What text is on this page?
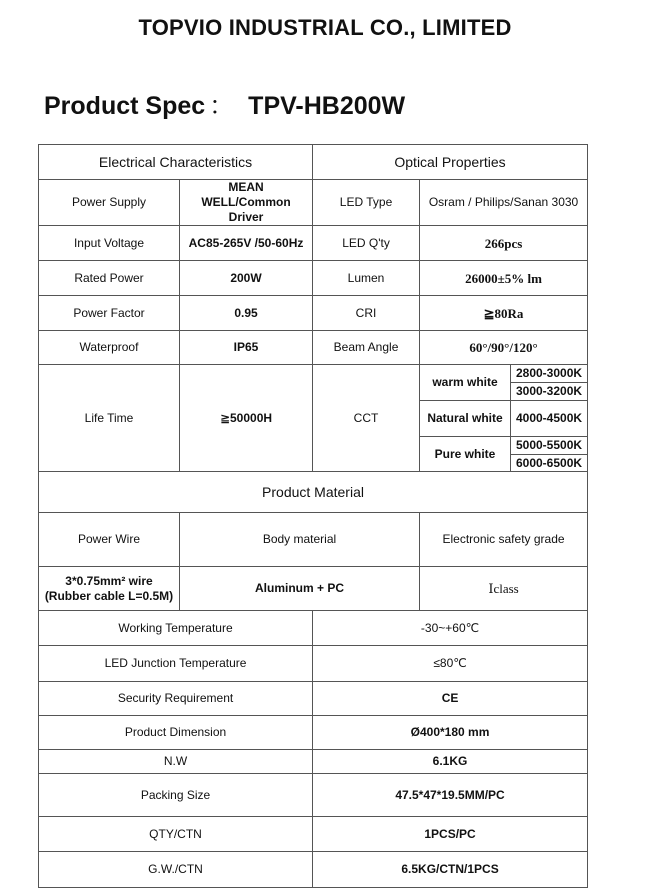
TOPVIO INDUSTRIAL CO., LIMITED
Product Spec ： TPV-HB200W
Electrical Characteristics		Optical Properties		
Power Supply	MEAN WELL/Common Driver	LED Type	Osram / Philips/Sanan 3030	
Input Voltage	AC85-265V /50-60Hz	LED Q'ty	266pcs	
Rated Power	200W	Lumen	26000±5% lm	
Power Factor	0.95	CRI	≧80Ra	
Waterproof	IP65	Beam Angle	60°/90°/120°	
Life Time	≧50000H	CCT	warm white	2800-3000K
				3000-3200K
			Natural white	4000-4500K

			Pure white	5000-5500K
				6000-6500K
Product Material				
Power Wire	Body material		Electronic safety grade	

3*0.75mm² wire
(Rubber cable L=0.5M)	Aluminum + PC		Ⅰclass	
Working Temperature		-30~+60℃		
LED Junction Temperature		≤80℃		
Security Requirement		CE		
Product Dimension		Ø400*180 mm		
N.W		6.1KG		
Packing Size		47.5*47*19.5MM/PC		
QTY/CTN		1PCS/PC		
G.W./CTN		6.5KG/CTN/1PCS		
